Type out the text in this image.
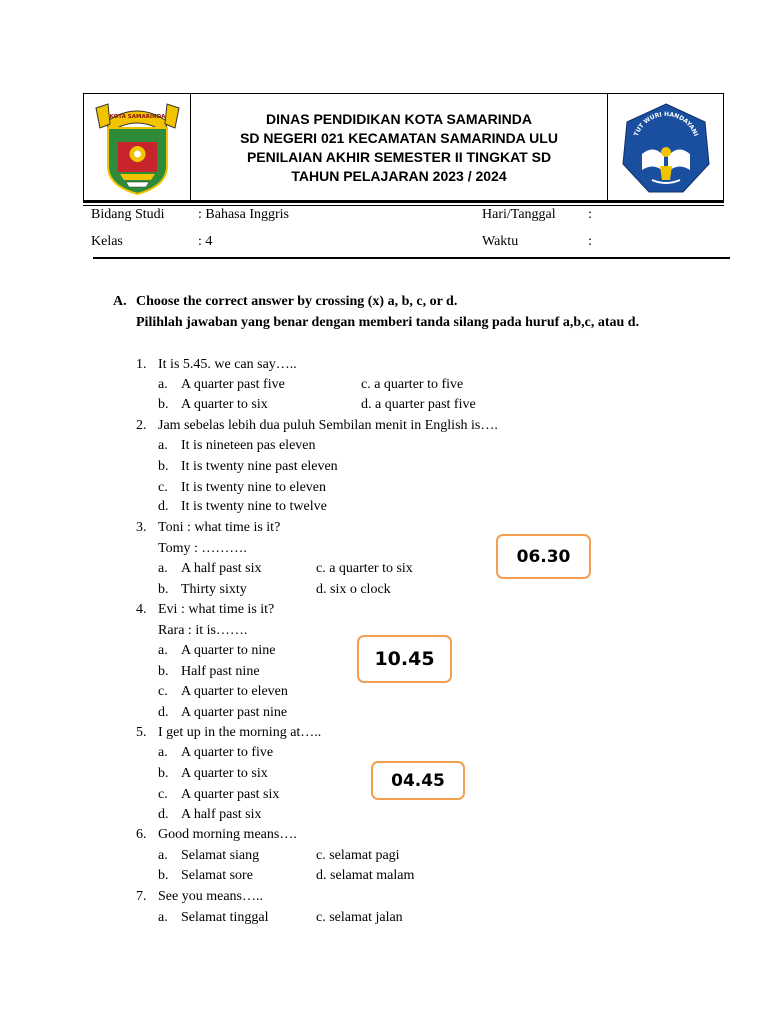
KOTA SAMARINDA	DINAS PENDIDIKAN KOTA SAMARINDA
SD NEGERI 021 KECAMATAN SAMARINDA ULU
PENILAIAN AKHIR SEMESTER II TINGKAT SD
TAHUN PELAJARAN 2023 / 2024
TUT WURI HANDAYANI
Bidang Studi : Bahasa Inggris	Hari/Tanggal :
Kelas	: 4	Waktu	:
A. Choose the correct answer by crossing (x) a, b, c, or d.
Pilihlah jawaban yang benar dengan memberi tanda silang pada huruf a,b,c, atau d.
1. It is 5.45. we can say…..
a. A quarter past five	c. a quarter to five
b. A quarter to six	d. a quarter past five
2. Jam sebelas lebih dua puluh Sembilan menit in English is….
a. It is nineteen pas eleven
b. It is twenty nine past eleven
c. It is twenty nine to eleven
d. It is twenty nine to twelve
3. Toni : what time is it?
Tomy : ……….
a. A half past six	c. a quarter to six
b. Thirty sixty	d. six o clock
06.30
4. Evi : what time is it?
Rara : it is…….
a. A quarter to nine
b. Half past nine
c. A quarter to eleven
d. A quarter past nine
10.45
5. I get up in the morning at…..
a. A quarter to five
b. A quarter to six
c. A quarter past six
d. A half past six
04.45
6. Good morning means….
a. Selamat siang	c. selamat pagi
b. Selamat sore	d. selamat malam
7. See you means…..
a. Selamat tinggal	c. selamat jalan
